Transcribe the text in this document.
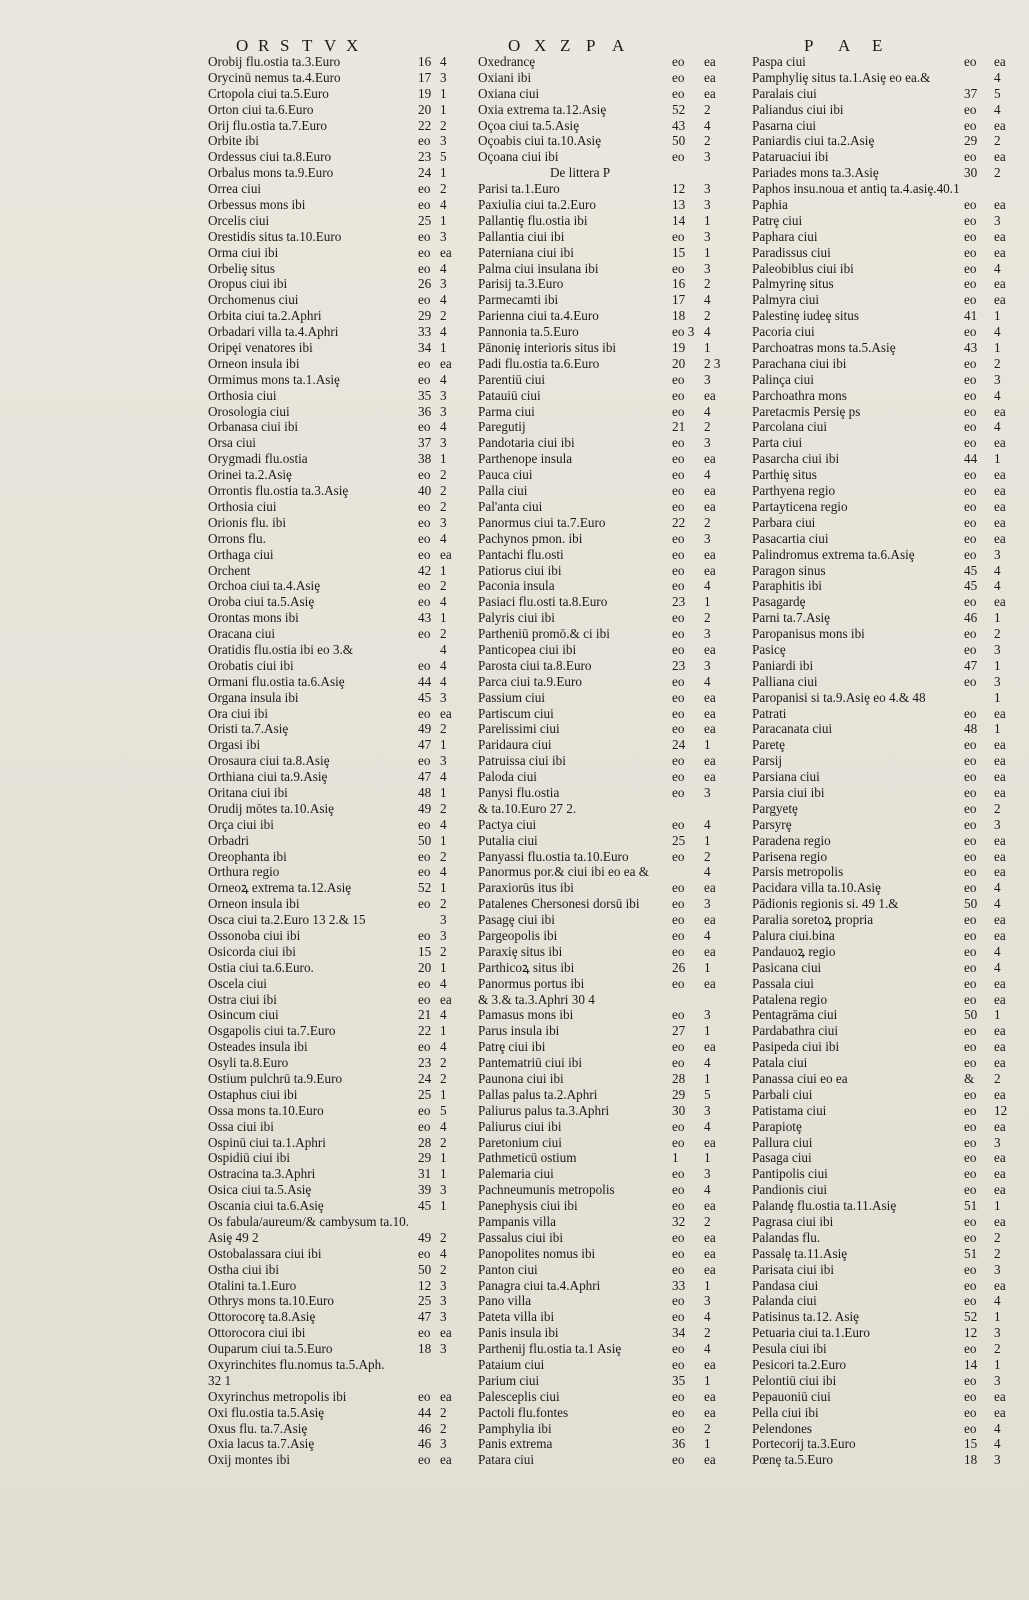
O R S T V X	O X Z P A	P A E
Orobij flu.ostia ta.3.Euro	16 4
Orycinū nemus ta.4.Euro	17 3
Crtopola ciui ta.5.Euro	19 1
Orton ciui ta.6.Euro	20 1
Orij flu.ostia ta.7.Euro	22 2
Orbite ibi	eo 3
Ordessus ciui ta.8.Euro	23 5
Orbalus mons ta.9.Euro	24 1
Orrea ciui	eo 2
Orbessus mons ibi	eo 4
Orcelis ciui	25 1
Orestidis situs ta.10.Euro	eo 3
Orma ciui ibi	eo ea
Orbeliȩ situs	eo 4
Oropus ciui ibi	26 3
Orchomenus ciui	eo 4
Orbita ciui ta.2.Aphri	29 2
Orbadari villa ta.4.Aphri	33 4
Oripȩi venatores ibi	34 1
Orneon insula ibi	eo ea
Ormimus mons ta.1.Asiȩ	eo 4
Orthosia ciui	35 3
Orosologia ciui	36 3
Orbanasa ciui ibi	eo 4
Orsa ciui	37 3
Orygmadi flu.ostia	38 1
Orinei ta.2.Asiȩ	eo 2
Orrontis flu.ostia ta.3.Asiȩ	40 2
Orthosia ciui	eo 2
Orionis flu. ibi	eo 3
Orrons flu.	eo 4
Orthaga ciui	eo ea
Orchent	42 1
Orchoa ciui ta.4.Asiȩ	eo 2
Oroba ciui ta.5.Asiȩ	eo 4
Orontas mons ibi	43 1
Oracana ciui	eo 2
Oratidis flu.ostia ibi eo 3.&	4
Orobatis ciui ibi	eo 4
Ormani flu.ostia ta.6.Asiȩ	44 4
Organa insula ibi	45 3
Ora ciui ibi	eo ea
Oristi ta.7.Asiȩ	49 2
Orgasi ibi	47 1
Orosaura ciui ta.8.Asiȩ	eo 3
Orthiana ciui ta.9.Asiȩ	47 4
Oritana ciui ibi	48 1
Orudij mōtes ta.10.Asiȩ	49 2
Orça ciui ibi	eo 4
Orbadri	50 1
Oreophanta ibi	eo 2
Orthura regio	eo 4
Orneoꝝ extrema ta.12.Asiȩ	52 1
Orneon insula ibi	eo 2
Osca ciui ta.2.Euro 13 2.& 15	3
Ossonoba ciui ibi	eo 3
Osicorda ciui ibi	15 2
Ostia ciui ta.6.Euro.	20 1
Oscela ciui	eo 4
Ostra ciui ibi	eo ea
Osincum ciui	21 4
Osgapolis ciui ta.7.Euro	22 1
Osteades insula ibi	eo 4
Osyli ta.8.Euro	23 2
Ostium pulchrū ta.9.Euro	24 2
Ostaphus ciui ibi	25 1
Ossa mons ta.10.Euro	eo 5
Ossa ciui ibi	eo 4
Ospinū ciui ta.1.Aphri	28 2
Ospidiū ciui ibi	29 1
Ostracina ta.3.Aphri	31 1
Osica ciui ta.5.Asiȩ	39 3
Oscania ciui ta.6.Asiȩ	45 1
Os fabula/aureum/& cambysum ta.10.
Asiȩ 49 2	49 2
Ostobalassara ciui ibi	eo 4
Ostha ciui ibi	50 2
Otalini ta.1.Euro	12 3
Othrys mons ta.10.Euro	25 3
Ottorocorȩ ta.8.Asiȩ	47 3
Ottorocora ciui ibi	eo ea
Ouparum ciui ta.5.Euro	18 3
Oxyrinchites flu.nomus ta.5.Aph.
32 1
Oxyrinchus metropolis ibi	eo ea
Oxi flu.ostia ta.5.Asiȩ	44 2
Oxus flu. ta.7.Asiȩ	46 2
Oxia lacus ta.7.Asiȩ	46 3
Oxij montes ibi	eo ea
Oxedrancȩ	eo ea
Oxiani ibi	eo ea
Oxiana ciui	eo ea
Oxia extrema ta.12.Asiȩ	52 2
Oçoa ciui ta.5.Asiȩ	43 4
Oçoabis ciui ta.10.Asiȩ	50 2
Oçoana ciui ibi	eo 3
De littera P
Parisi ta.1.Euro	12 3
Paxiulia ciui ta.2.Euro	13 3
Pallantiȩ flu.ostia ibi	14 1
Pallantia ciui ibi	eo 3
Paterniana ciui ibi	15 1
Palma ciui insulana ibi	eo 3
Parisij ta.3.Euro	16 2
Parmecamti ibi	17 4
Parienna ciui ta.4.Euro	18 2
Pannonia ta.5.Euro	eo 3 4
Pānoniȩ interioris situs ibi	19 1
Padi flu.ostia ta.6.Euro	20 2 3
Parentiū ciui	eo 3
Patauiū ciui	eo ea
Parma ciui	eo 4
Paregutij	21 2
Pandotaria ciui ibi	eo 3
Parthenope insula	eo ea
Pauca ciui	eo 4
Palla ciui	eo ea
Pal'anta ciui	eo ea
Panormus ciui ta.7.Euro	22 2
Pachynos pmon. ibi	eo 3
Pantachi flu.osti	eo ea
Patiorus ciui ibi	eo ea
Paconia insula	eo 4
Pasiaci flu.osti ta.8.Euro	23 1
Palyris ciui ibi	eo 2
Partheniū promō.& ci ibi	eo 3
Panticopea ciui ibi	eo ea
Parosta ciui ta.8.Euro	23 3
Parca ciui ta.9.Euro	eo 4
Passium ciui	eo ea
Partiscum ciui	eo ea
Parelissimi ciui	eo ea
Paridaura ciui	24 1
Patruissa ciui ibi	eo ea
Paloda ciui	eo ea
Panysi flu.ostia	eo 3
& ta.10.Euro 27 2.
Pactya ciui	eo 4
Putalia ciui	25 1
Panyassi flu.ostia ta.10.Euro	eo 2
Panormus por.& ciui ibi eo ea &	4
Paraxiorūs itus ibi	eo ea
Patalenes Chersonesi dorsū ibi eo 3
Pasagȩ ciui ibi	eo ea
Pargeopolis ibi	eo 4
Paraxiȩ situs ibi	eo ea
Parthicoꝝ situs ibi	26 1
Panormus portus ibi	eo ea
& 3.& ta.3.Aphri 30 4
Pamasus mons ibi	eo 3
Parus insula ibi	27 1
Patrȩ ciui ibi	eo ea
Pantematriū ciui ibi	eo 4
Paunona ciui ibi	28 1
Pallas palus ta.2.Aphri	29 5
Paliurus palus ta.3.Aphri	30 3
Paliurus ciui ibi	eo 4
Paretonium ciui	eo ea
Pathmeticū ostium	1 1
Palemaria ciui	eo 3
Pachneumunis metropolis	eo 4
Panephysis ciui ibi	eo ea
Pampanis villa	32 2
Passalus ciui ibi	eo ea
Panopolites nomus ibi	eo ea
Panton ciui	eo ea
Panagra ciui ta.4.Aphri	33 1
Pano villa	eo 3
Pateta villa ibi	eo 4
Panis insula ibi	34 2
Parthenij flu.ostia ta.1 Asiȩ	eo 4
Pataium ciui	eo ea
Parium ciui	35 1
Palesceplis ciui	eo ea
Pactoli flu.fontes	eo ea
Pamphylia ibi	eo 2
Panis extrema	36 1
Patara ciui	eo ea
Paspa ciui	eo ea
Pamphyliȩ situs ta.1.Asiȩ eo ea.&	4
Paralais ciui	37 5
Paliandus ciui ibi	eo 4
Pasarna ciui	eo ea
Paniardis ciui ta.2.Asiȩ	29 2
Pataruaciui ibi	eo ea
Pariades mons ta.3.Asiȩ	30 2
Paphos insu.noua et antiq ta.4.asiȩ.40.1
Paphia	eo ea
Patrȩ ciui	eo 3
Paphara ciui	eo ea
Paradissus ciui	eo ea
Paleobiblus ciui ibi	eo 4
Palmyrinȩ situs	eo ea
Palmyra ciui	eo ea
Palestinȩ iudeȩ situs	41 1
Pacoria ciui	eo 4
Parchoatras mons ta.5.Asiȩ	43 1
Parachana ciui ibi	eo 2
Palinça ciui	eo 3
Parchoathra mons	eo 4
Paretacmis Persiȩ ps	eo ea
Parcolana ciui	eo 4
Parta ciui	eo ea
Pasarcha ciui ibi	44 1
Parthiȩ situs	eo ea
Parthyena regio	eo ea
Partayticena regio	eo ea
Parbara ciui	eo ea
Pasacartia ciui	eo ea
Palindromus extrema ta.6.Asiȩ	eo 3
Paragon sinus	45 4
Paraphitis ibi	45 4
Pasagardȩ	eo ea
Parni ta.7.Asiȩ	46 1
Paropanisus mons ibi	eo 2
Pasicȩ	eo 3
Paniardi ibi	47 1
Palliana ciui	eo 3
Paropanisi si ta.9.Asiȩ eo 4.& 48	1
Patrati	eo ea
Paracanata ciui	48 1
Paretȩ	eo ea
Parsij	eo ea
Parsiana ciui	eo ea
Parsia ciui ibi	eo ea
Pargyetȩ	eo 2
Parsyrȩ	eo 3
Paradena regio	eo ea
Parisena regio	eo ea
Parsis metropolis	eo ea
Pacidara villa ta.10.Asiȩ	eo 4
Pādionis regionis si. 49 1.&	50 4
Paralia soretoꝝ propria	eo ea
Palura ciui.bina	eo ea
Pandauoꝝ regio	eo 4
Pasicana ciui	eo 4
Passala ciui	eo ea
Patalena regio	eo ea
Pentagrāma ciui	50 1
Pardabathra ciui	eo ea
Pasipeda ciui ibi	eo ea
Patala ciui	eo ea
Panassa ciui eo ea	& 2
Parbali ciui	eo ea
Patistama ciui	eo 12
Parapiotȩ	eo ea
Pallura ciui	eo 3
Pasaga ciui	eo ea
Pantipolis ciui	eo ea
Pandionis ciui	eo ea
Palandȩ flu.ostia ta.11.Asiȩ	51 1
Pagrasa ciui ibi	eo ea
Palandas flu.	eo 2
Passalȩ ta.11.Asiȩ	51 2
Parisata ciui ibi	eo 3
Pandasa ciui	eo ea
Palanda ciui	eo 4
Patisinus ta.12. Asiȩ	52 1
Petuaria ciui ta.1.Euro	12 3
Pesula ciui ibi	eo 2
Pesicori ta.2.Euro	14 1
Pelontiū ciui ibi	eo 3
Pepauoniū ciui	eo ea
Pella ciui ibi	eo ea
Pelendones	eo 4
Portecorij ta.3.Euro	15 4
Pœnȩ ta.5.Euro	18 3
